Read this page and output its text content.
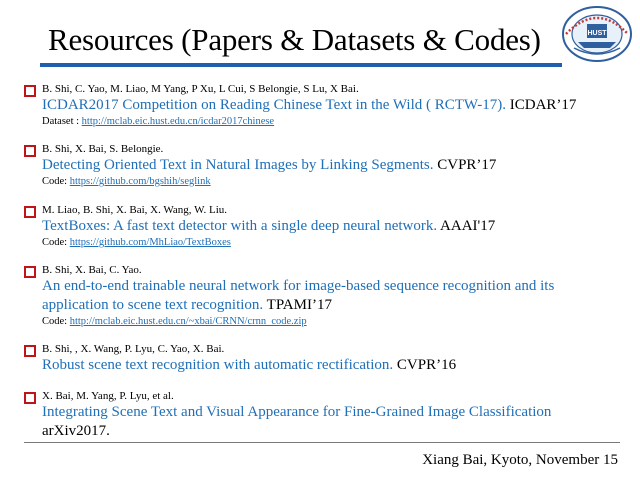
Resources (Papers & Datasets & Codes)	HUST
B. Shi, C. Yao, M. Liao, M Yang, P Xu, L Cui, S Belongie, S Lu, X Bai.
ICDAR2017 Competition on Reading Chinese Text in the Wild ( RCTW-17). ICDAR’17
Dataset : http://mclab.eic.hust.edu.cn/icdar2017chinese
B. Shi, X. Bai, S. Belongie.
Detecting Oriented Text in Natural Images by Linking Segments. CVPR’17
Code: https://github.com/bgshih/seglink
M. Liao, B. Shi, X. Bai, X. Wang, W. Liu.
TextBoxes: A fast text detector with a single deep neural network. AAAI'17
Code: https://github.com/MhLiao/TextBoxes
B. Shi, X. Bai, C. Yao.
An end-to-end trainable neural network for image-based sequence recognition and its application to scene text recognition. TPAMI’17
Code: http://mclab.eic.hust.edu.cn/~xbai/CRNN/crnn_code.zip
B. Shi, , X. Wang, P. Lyu, C. Yao, X. Bai.
Robust scene text recognition with automatic rectification. CVPR’16
X. Bai, M. Yang, P. Lyu, et al.
Integrating Scene Text and Visual Appearance for Fine-Grained Image Classification
arXiv2017.
Xiang Bai, Kyoto, November 15
